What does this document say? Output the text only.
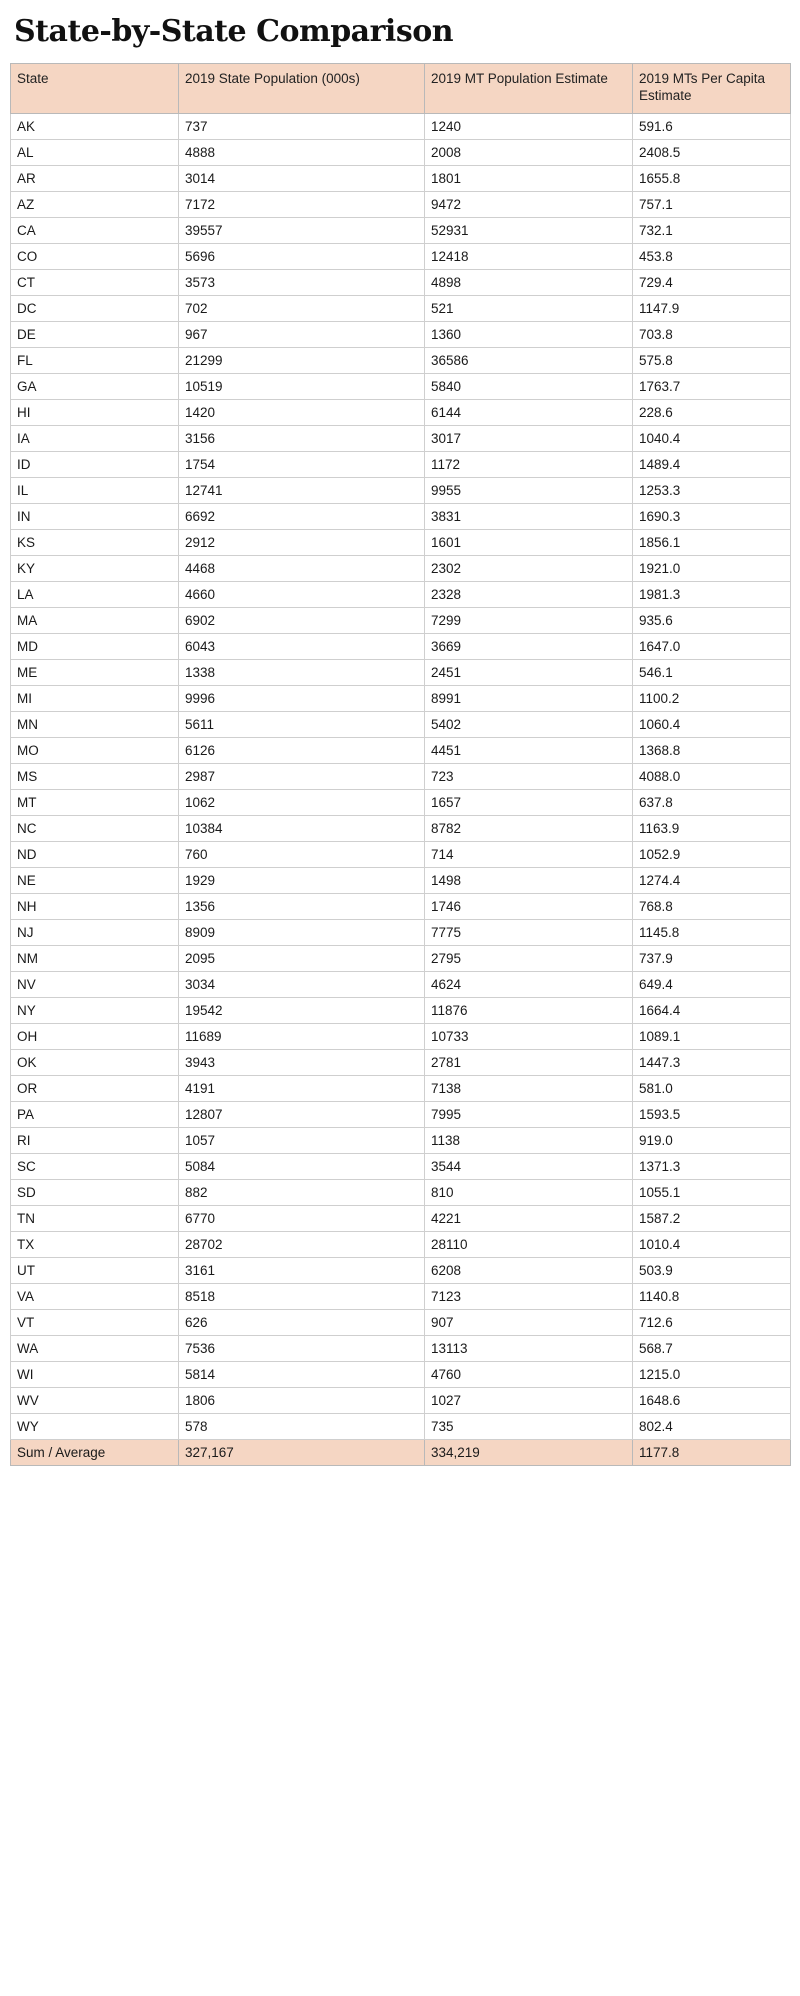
State-by-State Comparison
State	2019 State Population (000s)	2019 MT Population Estimate	2019 MTs Per Capita Estimate
AK	737	1240	591.6
AL	4888	2008	2408.5
AR	3014	1801	1655.8
AZ	7172	9472	757.1
CA	39557	52931	732.1
CO	5696	12418	453.8
CT	3573	4898	729.4
DC	702	521	1147.9
DE	967	1360	703.8
FL	21299	36586	575.8
GA	10519	5840	1763.7
HI	1420	6144	228.6
IA	3156	3017	1040.4
ID	1754	1172	1489.4
IL	12741	9955	1253.3
IN	6692	3831	1690.3
KS	2912	1601	1856.1
KY	4468	2302	1921.0
LA	4660	2328	1981.3
MA	6902	7299	935.6
MD	6043	3669	1647.0
ME	1338	2451	546.1
MI	9996	8991	1100.2
MN	5611	5402	1060.4
MO	6126	4451	1368.8
MS	2987	723	4088.0
MT	1062	1657	637.8
NC	10384	8782	1163.9
ND	760	714	1052.9
NE	1929	1498	1274.4
NH	1356	1746	768.8
NJ	8909	7775	1145.8
NM	2095	2795	737.9
NV	3034	4624	649.4
NY	19542	11876	1664.4
OH	11689	10733	1089.1
OK	3943	2781	1447.3
OR	4191	7138	581.0
PA	12807	7995	1593.5
RI	1057	1138	919.0
SC	5084	3544	1371.3
SD	882	810	1055.1
TN	6770	4221	1587.2
TX	28702	28110	1010.4
UT	3161	6208	503.9
VA	8518	7123	1140.8
VT	626	907	712.6
WA	7536	13113	568.7
WI	5814	4760	1215.0
WV	1806	1027	1648.6
WY	578	735	802.4
Sum / Average	327,167	334,219	1177.8
